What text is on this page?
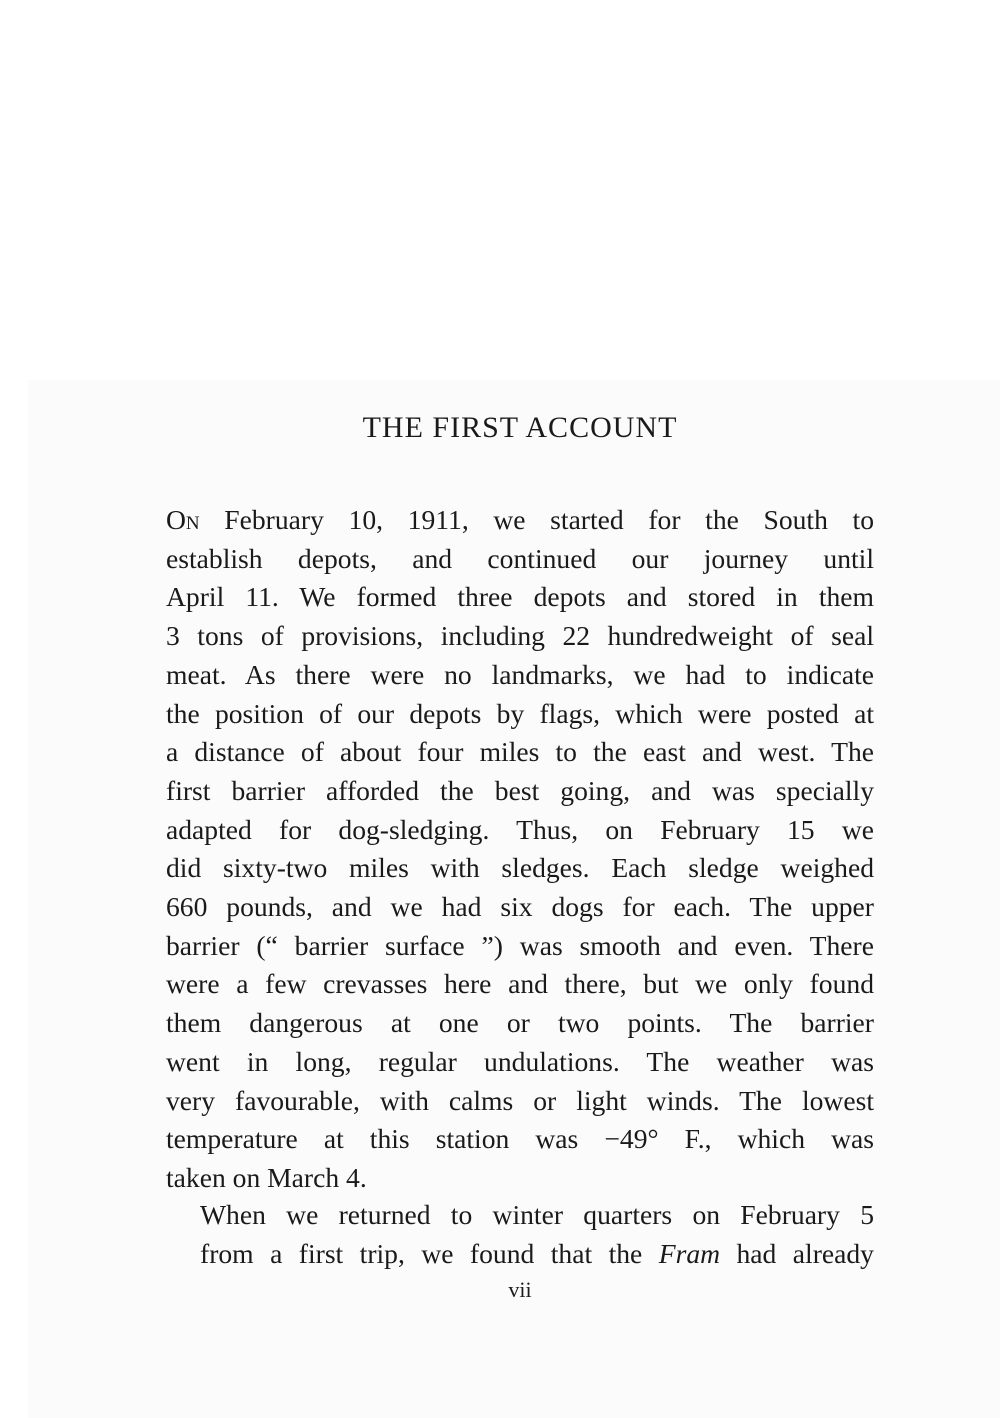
THE FIRST ACCOUNT
On February 10, 1911, we started for the South to
establish depots, and continued our journey until
April 11. We formed three depots and stored in them
3 tons of provisions, including 22 hundredweight of seal
meat. As there were no landmarks, we had to indicate
the position of our depots by flags, which were posted at
a distance of about four miles to the east and west. The
first barrier afforded the best going, and was specially
adapted for dog-sledging. Thus, on February 15 we
did sixty-two miles with sledges. Each sledge weighed
660 pounds, and we had six dogs for each. The upper
barrier (“ barrier surface ”) was smooth and even. There
were a few crevasses here and there, but we only found
them dangerous at one or two points. The barrier
went in long, regular undulations. The weather was
very favourable, with calms or light winds. The lowest
temperature at this station was −49° F., which was
taken on March 4.
When we returned to winter quarters on February 5
from a first trip, we found that the Fram had already
vii
